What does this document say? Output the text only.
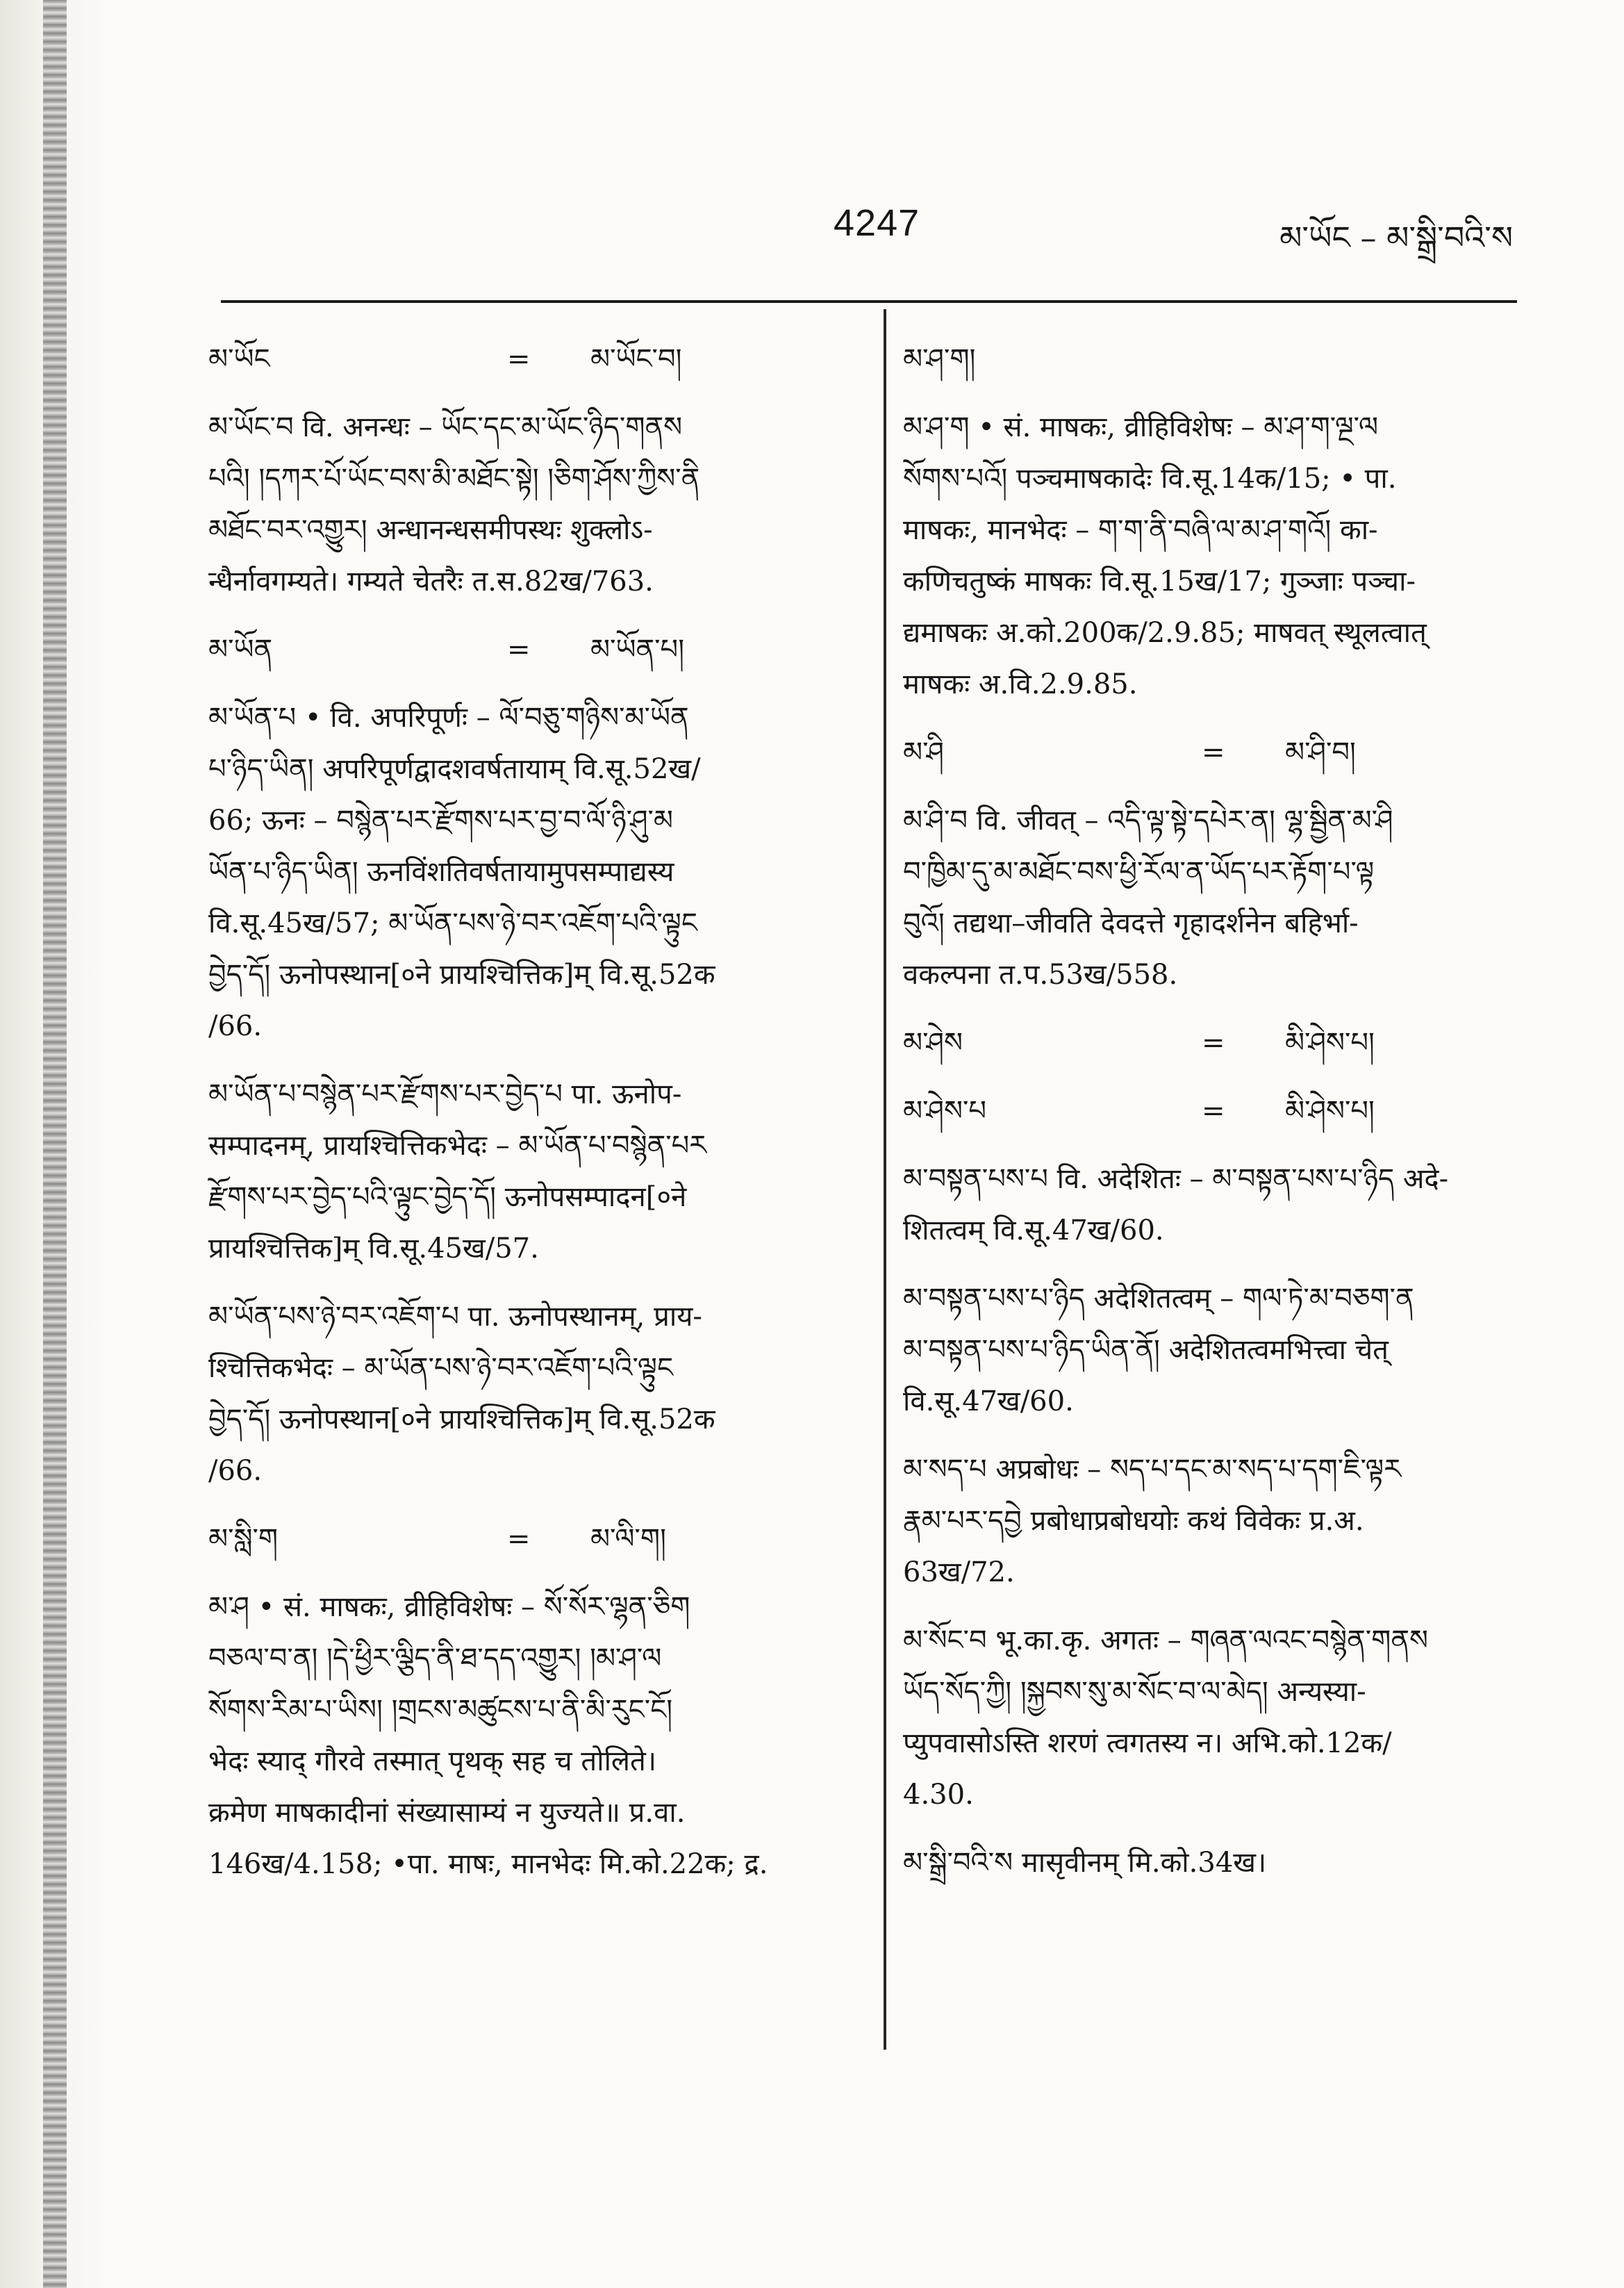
4247	མ་ཡོང – མ་སྒྲི་བའི་ས
མ་ཡོང	=	མ་ཡོང་བ།

མ་ཡོང་བ वि. अनन्धः – ཡོང་དང་མ་ཡོང་ཉིད་གནས

པའི། །དཀར་པོ་ཡོང་བས་མི་མཐོང་སྟེ། །ཅིག་ཤོས་ཀྱིས་ནི

མཐོང་བར་འགྱུར། अन्धानन्धसमीपस्थः शुक्लोऽ-

न्धैर्नावगम्यते। गम्यते चेतरैः त.स.82ख/763.

མ་ཡོན	=	མ་ཡོན་པ།

མ་ཡོན་པ • वि. अपरिपूर्णः – ལོ་བཅུ་གཉིས་མ་ཡོན

པ་ཉིད་ཡིན། अपरिपूर्णद्वादशवर्षतायाम् वि.सू.52ख/

66; ऊनः – བསྙེན་པར་རྫོགས་པར་བྱ་བ་ལོ་ཉི་ཤུ་མ

ཡོན་པ་ཉིད་ཡིན། ऊनविंशतिवर्षतायामुपसम्पाद्यस्य

वि.सू.45ख/57; མ་ཡོན་པས་ཉེ་བར་འཇོག་པའི་ལྟུང

བྱེད་དོ། ऊनोपस्थान[०ने प्रायश्चित्तिक]म् वि.सू.52क

/66.

མ་ཡོན་པ་བསྙེན་པར་རྫོགས་པར་བྱེད་པ पा. ऊनोप-

सम्पादनम्, प्रायश्चित्तिकभेदः – མ་ཡོན་པ་བསྙེན་པར

རྫོགས་པར་བྱེད་པའི་ལྟུང་བྱེད་དོ། ऊनोपसम्पादन[०ने

प्रायश्चित्तिक]म् वि.सू.45ख/57.

མ་ཡོན་པས་ཉེ་བར་འཇོག་པ पा. ऊनोपस्थानम्, प्राय-

श्चित्तिकभेदः – མ་ཡོན་པས་ཉེ་བར་འཇོག་པའི་ལྟུང

བྱེད་དོ། ऊनोपस्थान[०ने प्रायश्चित्तिक]म् वि.सू.52क

/66.

མ་སླི་ག	=	མ་ལི་ག།

མ་ཤ • सं. माषकः, व्रीहिविशेषः – སོ་སོར་ལྷན་ཅིག

བཅལ་བ་ན། །དེ་ཕྱིར་ལྕིད་ནི་ཐ་དད་འགྱུར། །མ་ཤ་ལ

སོགས་རིམ་པ་ཡིས། །གྲངས་མཚུངས་པ་ནི་མི་རུང་ངོ།

भेदः स्याद् गौरवे तस्मात् पृथक् सह च तोलिते।

क्रमेण माषकादीनां संख्यासाम्यं न युज्यते॥ प्र.वा.

146ख/4.158; •पा. माषः, मानभेदः मि.को.22क; द्र.

མ་ཤ་ག།

མ་ཤ་ག • सं. माषकः, व्रीहिविशेषः – མ་ཤ་ག་ལྔ་ལ

སོགས་པའོ། पञ्चमाषकादेः वि.सू.14क/15; • पा.

माषकः, मानभेदः – ག་ག་ནི་བཞི་ལ་མ་ཤ་གའོ། का-

कणिचतुष्कं माषकः वि.सू.15ख/17; गुञ्जाः पञ्चा-

द्यमाषकः अ.को.200क/2.9.85; माषवत् स्थूलत्वात्

माषकः अ.वि.2.9.85.

མ་ཤི	=	མ་ཤི་བ།

མ་ཤི་བ वि. जीवत् – འདི་ལྟ་སྟེ་དཔེར་ན། ལྷ་སྦྱིན་མ་ཤི

བ་ཁྱིམ་དུ་མ་མཐོང་བས་ཕྱི་རོལ་ན་ཡོད་པར་རྟོག་པ་ལྟ

བུའོ། तद्यथा–जीवति देवदत्ते गृहादर्शनेन बहिर्भा-

वकल्पना त.प.53ख/558.

མ་ཤེས	=	མི་ཤེས་པ།
མ་ཤེས་པ	=	མི་ཤེས་པ།

མ་བསྟན་པས་པ वि. अदेशितः – མ་བསྟན་པས་པ་ཉིད अदे-

शितत्वम् वि.सू.47ख/60.

མ་བསྟན་པས་པ་ཉིད अदेशितत्वम् – གལ་ཏེ་མ་བཅག་ན

མ་བསྟན་པས་པ་ཉིད་ཡིན་ནོ། अदेशितत्वमभित्त्वा चेत्

वि.सू.47ख/60.

མ་སད་པ अप्रबोधः – སད་པ་དང་མ་སད་པ་དག་ཇི་ལྟར

རྣམ་པར་དབྱེ प्रबोधाप्रबोधयोः कथं विवेकः प्र.अ.

63ख/72.

མ་སོང་བ भू.का.कृ. अगतः – གཞན་ལའང་བསྙེན་གནས

ཡོད་སོད་ཀྱི། །སྐྱབས་སུ་མ་སོང་བ་ལ་མེད། अन्यस्या-

प्युपवासोऽस्ति शरणं त्वगतस्य न। अभि.को.12क/

4.30.

མ་སྒྲི་བའི་ས मासृवीनम् मि.को.34ख।
